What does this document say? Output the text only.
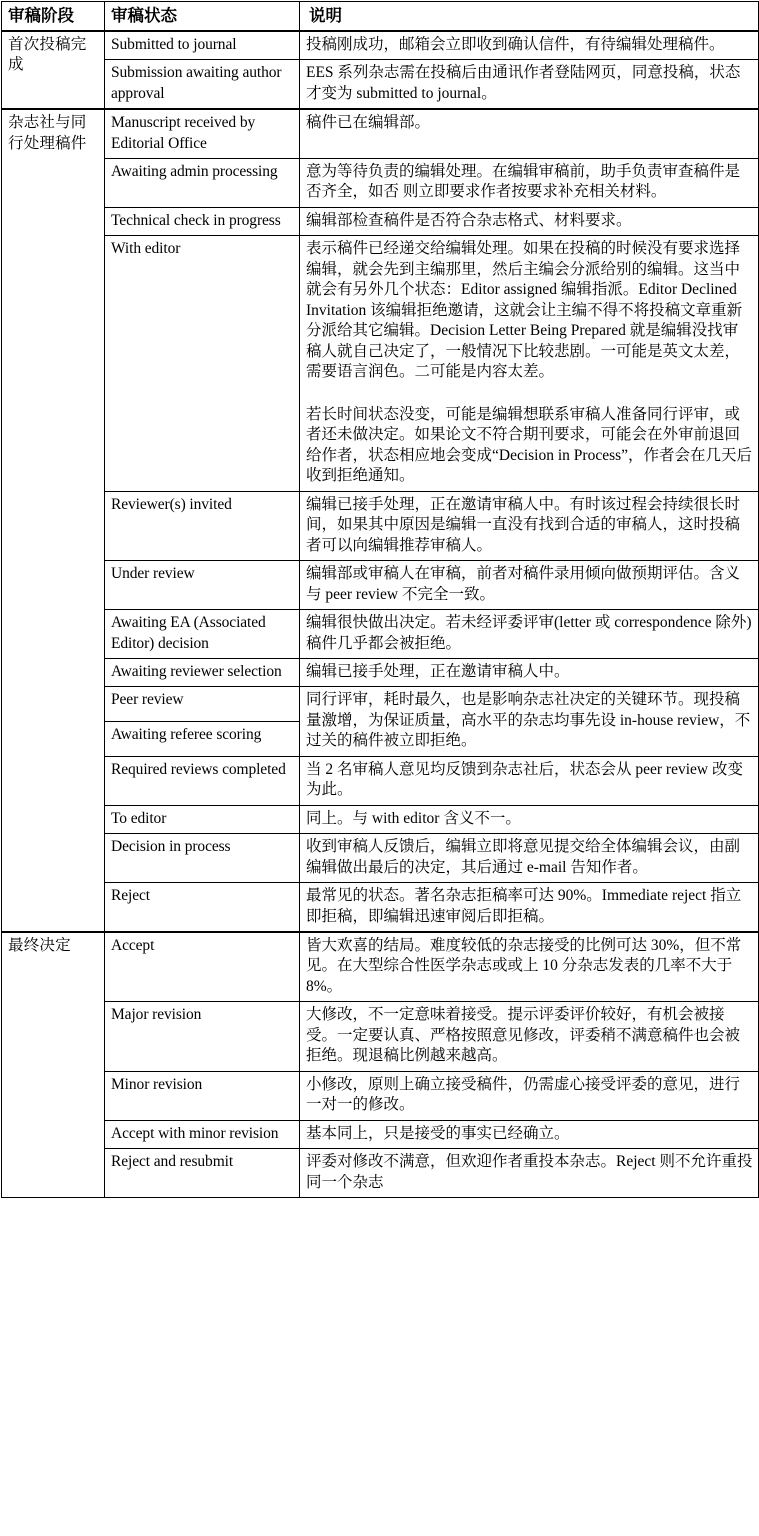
审稿阶段	审稿状态	说明
首次投稿完成	Submitted to journal	投稿刚成功，邮箱会立即收到确认信件，有待编辑处理稿件。

	Submission awaiting author approval	EES 系列杂志需在投稿后由通讯作者登陆网页，同意投稿，状态才变为 submitted to journal。

杂志社与同行处理稿件	Manuscript received by Editorial Office	稿件已在编辑部。

	Awaiting admin processing	意为等待负责的编辑处理。在编辑审稿前，助手负责审查稿件是否齐全，如否 则立即要求作者按要求补充相关材料。

	Technical check in progress	编辑部检查稿件是否符合杂志格式、材料要求。

	With editor	表示稿件已经递交给编辑处理。如果在投稿的时候没有要求选择编辑，就会先到主编那里，然后主编会分派给别的编辑。这当中就会有另外几个状态：Editor assigned 编辑指派。Editor Declined Invitation 该编辑拒绝邀请，这就会让主编不得不将投稿文章重新分派给其它编辑。Decision Letter Being Prepared 就是编辑没找审稿人就自己决定了，一般情况下比较悲剧。一可能是英文太差，需要语言润色。二可能是内容太差。

若长时间状态没变，可能是编辑想联系审稿人准备同行评审，或者还未做决定。如果论文不符合期刊要求，可能会在外审前退回给作者，状态相应地会变成“Decision in Process”，作者会在几天后收到拒绝通知。

	Reviewer(s) invited	编辑已接手处理，正在邀请审稿人中。有时该过程会持续很长时间，如果其中原因是编辑一直没有找到合适的审稿人，这时投稿者可以向编辑推荐审稿人。

	Under review	编辑部或审稿人在审稿，前者对稿件录用倾向做预期评估。含义与 peer review 不完全一致。

	Awaiting EA (Associated Editor) decision	编辑很快做出决定。若未经评委评审(letter 或 correspondence 除外)稿件几乎都会被拒绝。

	Awaiting reviewer selection	编辑已接手处理，正在邀请审稿人中。

	Peer review	同行评审，耗时最久，也是影响杂志社决定的关键环节。现投稿量激增，为保证质量，高水平的杂志均事先设 in-house review，不过关的稿件被立即拒绝。

	Awaiting referee scoring	
	Required reviews completed	当 2 名审稿人意见均反馈到杂志社后，状态会从 peer review 改变为此。

	To editor	同上。与 with editor 含义不一。

	Decision in process	收到审稿人反馈后，编辑立即将意见提交给全体编辑会议，由副编辑做出最后的决定，其后通过 e-mail 告知作者。

	Reject	最常见的状态。著名杂志拒稿率可达 90%。Immediate reject 指立即拒稿，即编辑迅速审阅后即拒稿。

最终决定	Accept	皆大欢喜的结局。难度较低的杂志接受的比例可达 30%，但不常见。在大型综合性医学杂志或或上 10 分杂志发表的几率不大于 8%。

	Major revision	大修改，不一定意味着接受。提示评委评价较好，有机会被接受。一定要认真、严格按照意见修改，评委稍不满意稿件也会被拒绝。现退稿比例越来越高。

	Minor revision	小修改，原则上确立接受稿件，仍需虚心接受评委的意见，进行一对一的修改。

	Accept with minor revision	基本同上，只是接受的事实已经确立。

	Reject and resubmit	评委对修改不满意，但欢迎作者重投本杂志。Reject 则不允许重投同一个杂志
